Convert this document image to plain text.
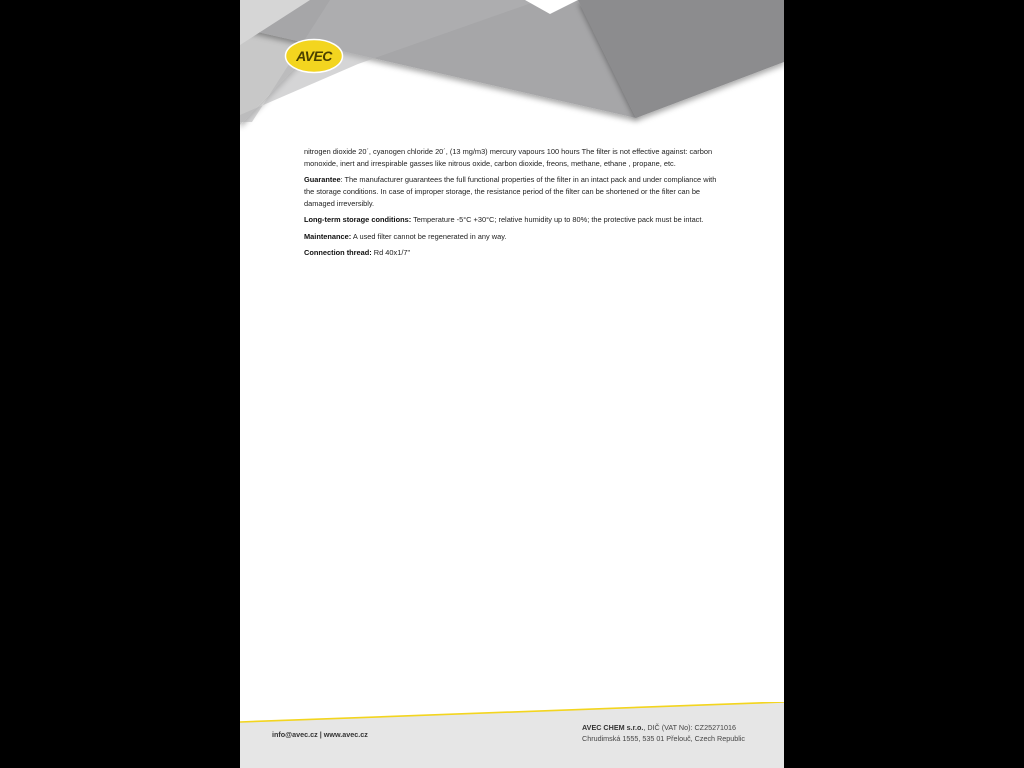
AVEC

nitrogen dioxide 20´, cyanogen chloride 20´, (13 mg/m3) mercury vapours 100 hours The filter is not effective against: carbon monoxide, inert and irrespirable gasses like nitrous oxide, carbon dioxide, freons, methane, ethane , propane, etc.

Guarantee: The manufacturer guarantees the full functional properties of the filter in an intact pack and under compliance with the storage conditions. In case of improper storage, the resistance period of the filter can be shortened or the filter can be damaged irreversibly.

Long-term storage conditions: Temperature -5°C +30°C; relative humidity up to 80%; the protective pack must be intact.

Maintenance: A used filter cannot be regenerated in any way.

Connection thread: Rd 40x1/7"

info@avec.cz | www.avec.cz
AVEC CHEM s.r.o., DIČ (VAT No): CZ25271016
Chrudimská 1555, 535 01 Přelouč, Czech Republic
